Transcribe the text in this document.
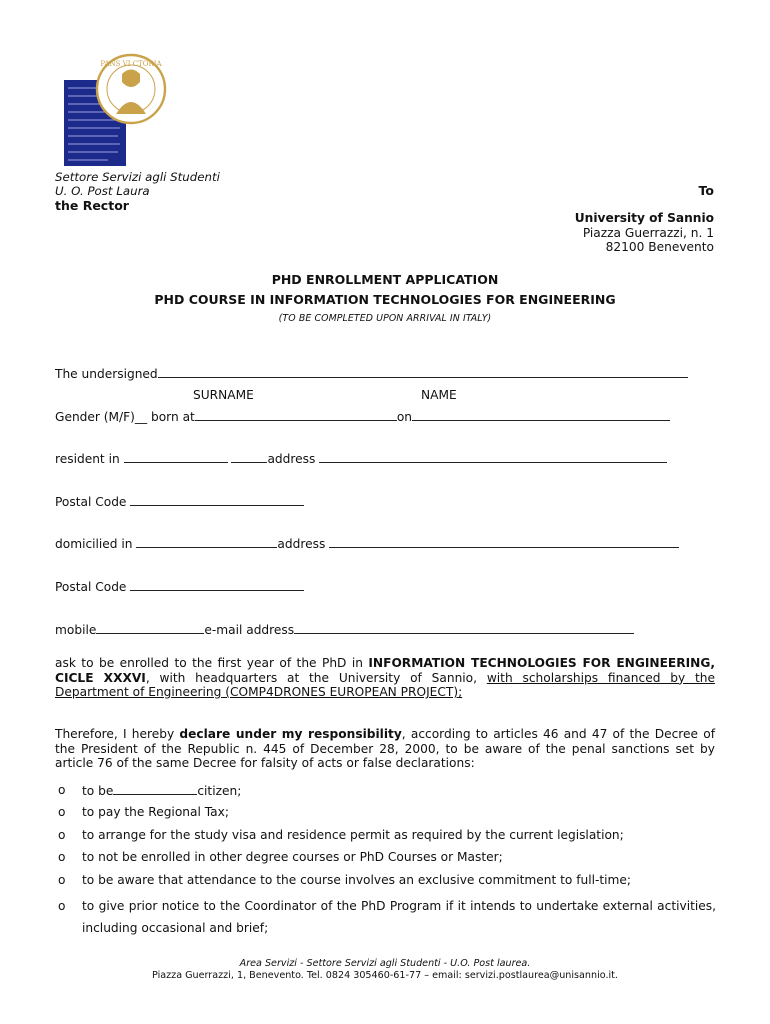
PANS VI CTORIA
Settore Servizi agli Studenti
U. O. Post Laura
the Rector
To
University of Sannio
Piazza Guerrazzi, n. 1
82100 Benevento
PHD ENROLLMENT APPLICATION
PHD COURSE IN INFORMATION TECHNOLOGIES FOR ENGINEERING
(TO BE COMPLETED UPON ARRIVAL IN ITALY)
The undersigned
SURNAME	NAME
Gender (M/F)__ born at	on
resident in	address
Postal Code
domicilied in	address
Postal Code
mobile	e-mail address
ask to be enrolled to the first year of the PhD in INFORMATION TECHNOLOGIES FOR ENGINEERING, CICLE XXXVI, with headquarters at the University of Sannio, with scholarships financed by the Department of Engineering (COMP4DRONES EUROPEAN PROJECT);
Therefore, I hereby declare under my responsibility, according to articles 46 and 47 of the Decree of the President of the Republic n. 445 of December 28, 2000, to be aware of the penal sanctions set by article 76 of the same Decree for falsity of acts or false declarations:
o	to be	citizen;
o	to pay the Regional Tax;
o	to arrange for the study visa and residence permit as required by the current legislation;
o	to not be enrolled in other degree courses or PhD Courses or Master;
o	to be aware that attendance to the course involves an exclusive commitment to full-time;
o	to give prior notice to the Coordinator of the PhD Program if it intends to undertake external activities, including occasional and brief;
Area Servizi - Settore Servizi agli Studenti - U.O. Post laurea.
Piazza Guerrazzi, 1, Benevento. Tel. 0824 305460-61-77 – email: servizi.postlaurea@unisannio.it.
